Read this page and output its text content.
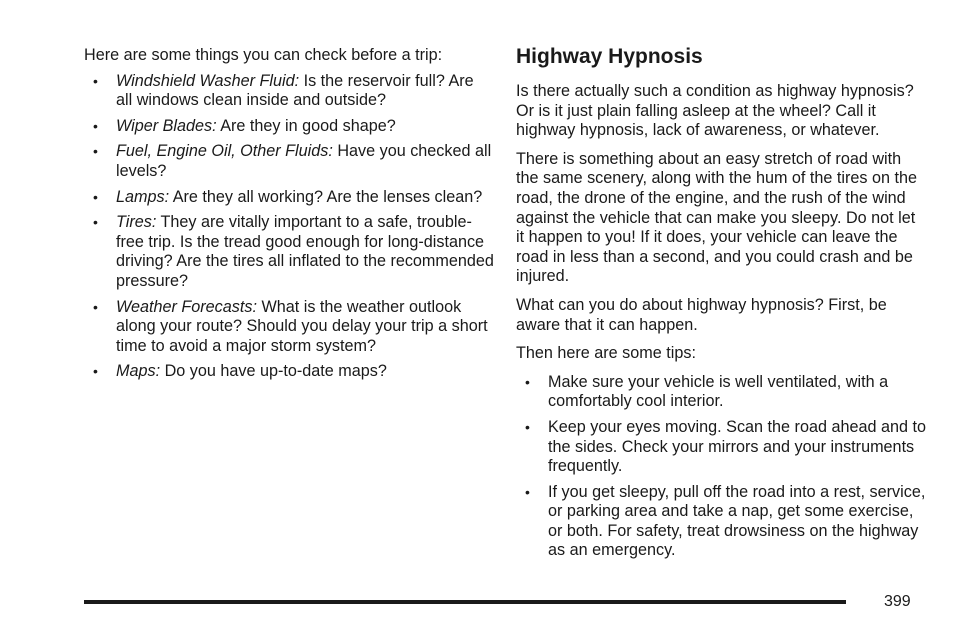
Here are some things you can check before a trip:

• Windshield Washer Fluid: Is the reservoir full? Are all windows clean inside and outside?
• Wiper Blades: Are they in good shape?
• Fuel, Engine Oil, Other Fluids: Have you checked all levels?
• Lamps: Are they all working? Are the lenses clean?
• Tires: They are vitally important to a safe, trouble-free trip. Is the tread good enough for long-distance driving? Are the tires all inflated to the recommended pressure?
• Weather Forecasts: What is the weather outlook along your route? Should you delay your trip a short time to avoid a major storm system?
• Maps: Do you have up-to-date maps?
Highway Hypnosis

Is there actually such a condition as highway hypnosis? Or is it just plain falling asleep at the wheel? Call it highway hypnosis, lack of awareness, or whatever.

There is something about an easy stretch of road with the same scenery, along with the hum of the tires on the road, the drone of the engine, and the rush of the wind against the vehicle that can make you sleepy. Do not let it happen to you! If it does, your vehicle can leave the road in less than a second, and you could crash and be injured.

What can you do about highway hypnosis? First, be aware that it can happen.

Then here are some tips:

• Make sure your vehicle is well ventilated, with a comfortably cool interior.
• Keep your eyes moving. Scan the road ahead and to the sides. Check your mirrors and your instruments frequently.
• If you get sleepy, pull off the road into a rest, service, or parking area and take a nap, get some exercise, or both. For safety, treat drowsiness on the highway as an emergency.
399
